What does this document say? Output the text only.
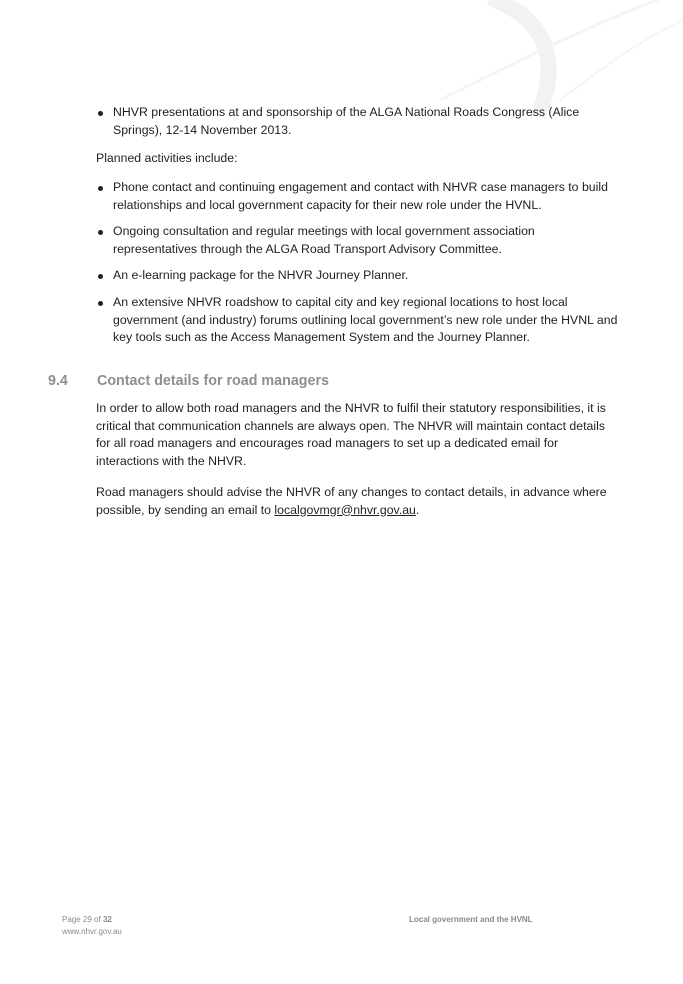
NHVR presentations at and sponsorship of the ALGA National Roads Congress (Alice Springs), 12-14 November 2013.

Planned activities include:

Phone contact and continuing engagement and contact with NHVR case managers to build relationships and local government capacity for their new role under the HVNL.
Ongoing consultation and regular meetings with local government association representatives through the ALGA Road Transport Advisory Committee.
An e-learning package for the NHVR Journey Planner.
An extensive NHVR roadshow to capital city and key regional locations to host local government (and industry) forums outlining local government’s new role under the HVNL and key tools such as the Access Management System and the Journey Planner.
9.4 Contact details for road managers

In order to allow both road managers and the NHVR to fulfil their statutory responsibilities, it is critical that communication channels are always open. The NHVR will maintain contact details for all road managers and encourages road managers to set up a dedicated email for interactions with the NHVR.

Road managers should advise the NHVR of any changes to contact details, in advance where possible, by sending an email to localgovmgr@nhvr.gov.au.

Page 29 of 32
www.nhvr.gov.au
Local government and the HVNL
